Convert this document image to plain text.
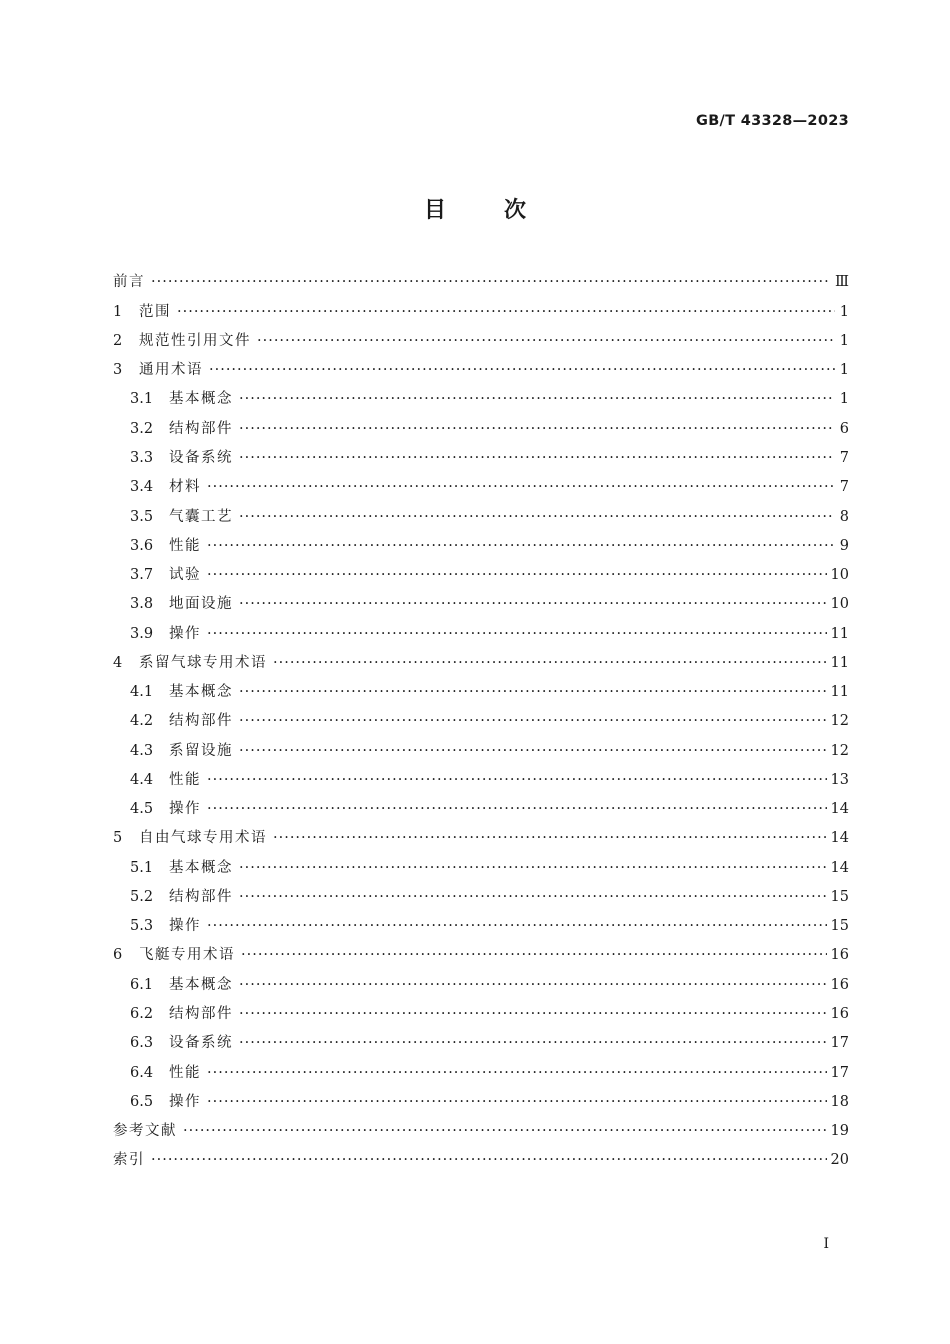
GB/T 43328—2023
目	次
前言 ·····	Ⅲ
1	范围 ·····	1
2	规范性引用文件 ·····	1
3	通用术语 ·····	1
3.1	基本概念 ·····	1
3.2	结构部件 ·····	6
3.3	设备系统 ·····	7
3.4	材料 ·····	7
3.5	气囊工艺 ·····	8
3.6	性能 ·····	9
3.7	试验 ·····	10
3.8	地面设施 ·····	10
3.9	操作 ·····	11
4	系留气球专用术语 ·····	11
4.1	基本概念 ·····	11
4.2	结构部件 ·····	12
4.3	系留设施 ·····	12
4.4	性能 ·····	13
4.5	操作 ·····	14
5	自由气球专用术语 ·····	14
5.1	基本概念 ·····	14
5.2	结构部件 ·····	15
5.3	操作 ·····	15
6	飞艇专用术语 ·····	16
6.1	基本概念 ·····	16
6.2	结构部件 ·····	16
6.3	设备系统 ·····	17
6.4	性能 ·····	17
6.5	操作 ·····	18
参考文献 ·····	19
索引 ·····	20
Ⅰ
